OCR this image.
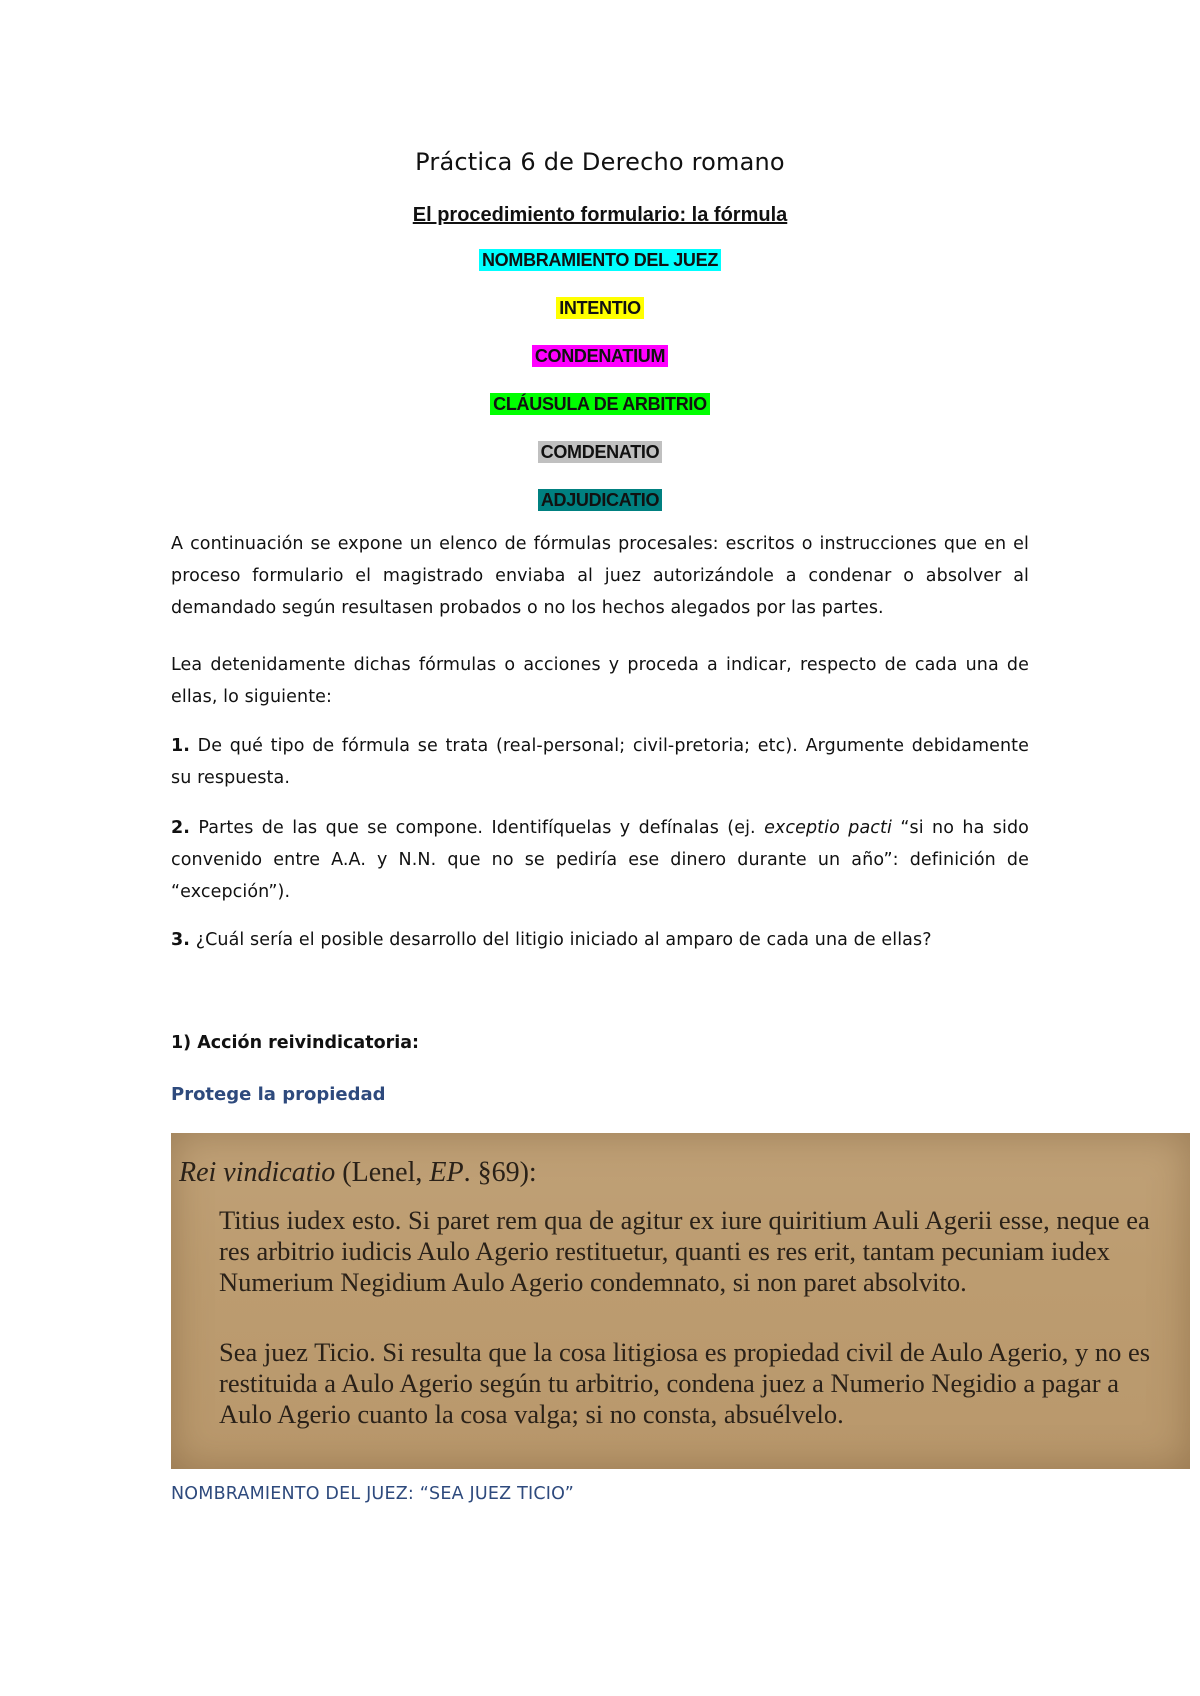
Práctica 6 de Derecho romano
El procedimiento formulario: la fórmula
NOMBRAMIENTO DEL JUEZ
INTENTIO
CONDENATIUM
CLÁUSULA DE ARBITRIO
COMDENATIO
ADJUDICATIO

A continuación se expone un elenco de fórmulas procesales: escritos o instrucciones que en el proceso formulario el magistrado enviaba al juez autorizándole a condenar o absolver al demandado según resultasen probados o no los hechos alegados por las partes.

Lea detenidamente dichas fórmulas o acciones y proceda a indicar, respecto de cada una de ellas, lo siguiente:

1. De qué tipo de fórmula se trata (real-personal; civil-pretoria; etc). Argumente debidamente su respuesta.

2. Partes de las que se compone. Identifíquelas y defínalas (ej. exceptio pacti “si no ha sido convenido entre A.A. y N.N. que no se pediría ese dinero durante un año”: definición de “excepción”).

3. ¿Cuál sería el posible desarrollo del litigio iniciado al amparo de cada una de ellas?

1) Acción reivindicatoria:
Protege la propiedad
Rei vindicatio (Lenel, EP. §69):
Titius iudex esto. Si paret rem qua de agitur ex iure quiritium Auli Agerii esse, neque ea res arbitrio iudicis Aulo Agerio restituetur, quanti es res erit, tantam pecuniam iudex Numerium Negidium Aulo Agerio condemnato, si non paret absolvito.
Sea juez Ticio. Si resulta que la cosa litigiosa es propiedad civil de Aulo Agerio, y no es restituida a Aulo Agerio según tu arbitrio, condena juez a Numerio Negidio a pagar a Aulo Agerio cuanto la cosa valga; si no consta, absuélvelo.
NOMBRAMIENTO DEL JUEZ: “SEA JUEZ TICIO”
